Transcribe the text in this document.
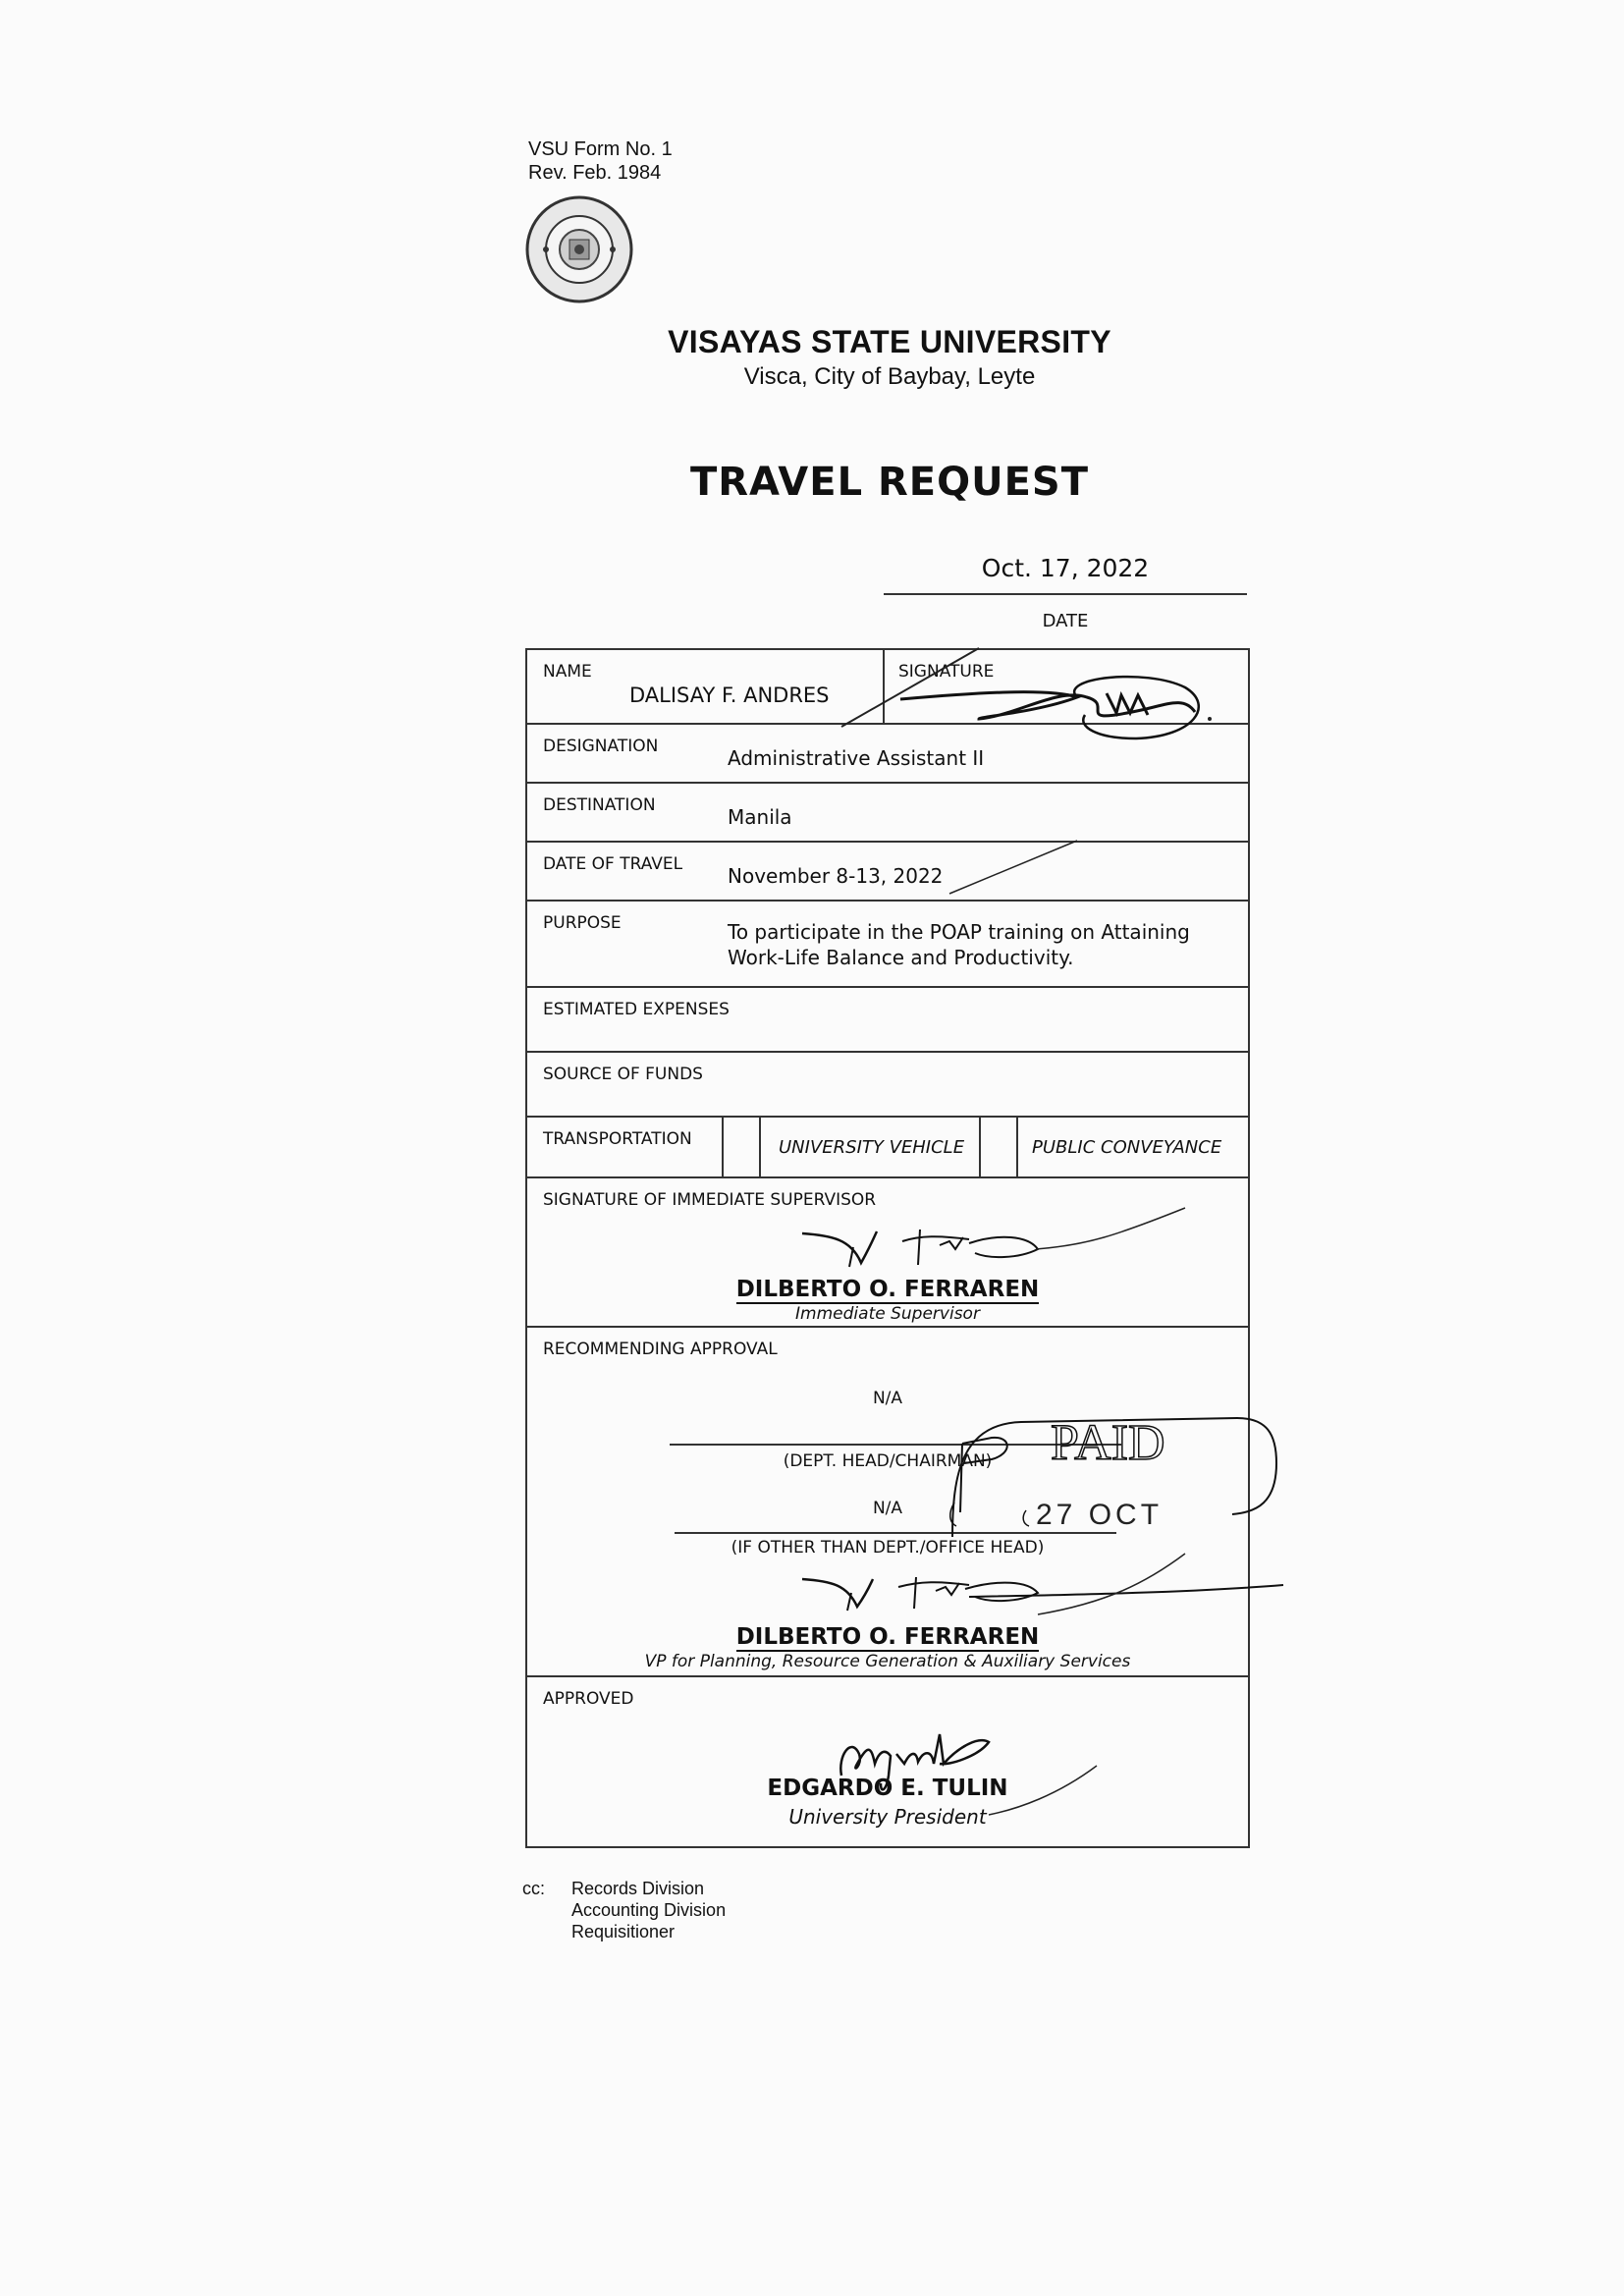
VSU Form No. 1
Rev. Feb. 1984
VISAYAS STATE UNIVERSITY
Visca, City of Baybay, Leyte
TRAVEL REQUEST
Oct. 17, 2022
DATE
NAME
DALISAY F. ANDRES
SIGNATURE
DESIGNATION	Administrative Assistant II
DESTINATION	Manila
DATE OF TRAVEL November 8-13, 2022
PURPOSE	To participate in the POAP training on Attaining
Work-Life Balance and Productivity.
ESTIMATED EXPENSES
SOURCE OF FUNDS
TRANSPORTATION	UNIVERSITY VEHICLE	PUBLIC CONVEYANCE
SIGNATURE OF IMMEDIATE SUPERVISOR
DILBERTO O. FERRAREN
Immediate Supervisor
RECOMMENDING APPROVAL
N/A
(DEPT. HEAD/CHAIRMAN)
N/A
(IF OTHER THAN DEPT./OFFICE HEAD)
DILBERTO O. FERRAREN
VP for Planning, Resource Generation & Auxiliary Services
APPROVED
EDGARDO E. TULIN
University President
PAID
27 OCT
cc: Records Division
Accounting Division
Requisitioner
